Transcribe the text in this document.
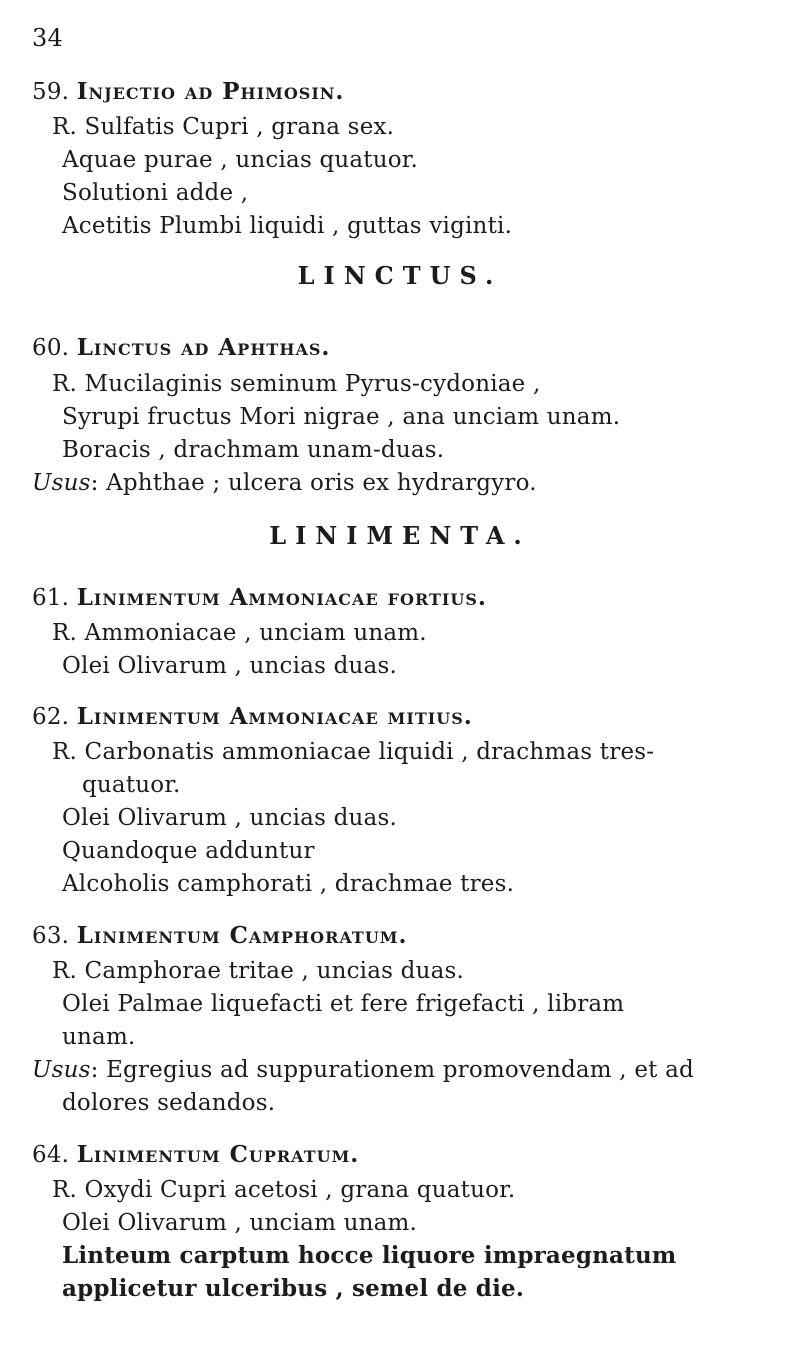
34
59. Injectio ad Phimosin.
R. Sulfatis Cupri , grana sex.
Aquae purae , uncias quatuor.
Solutioni adde ,
Acetitis Plumbi liquidi , guttas viginti.
LINCTUS.
60. Linctus ad Aphthas.
R. Mucilaginis seminum Pyrus-cydoniae ,
Syrupi fructus Mori nigrae , ana unciam unam.
Boracis , drachmam unam-duas.
Usus: Aphthae ; ulcera oris ex hydrargyro.
LINIMENTA.
61. Linimentum Ammoniacae fortius.
R. Ammoniacae , unciam unam.
Olei Olivarum , uncias duas.
62. Linimentum Ammoniacae mitius.
R. Carbonatis ammoniacae liquidi , drachmas tres-
quatuor.
Olei Olivarum , uncias duas.
Quandoque adduntur
Alcoholis camphorati , drachmae tres.
63. Linimentum Camphoratum.
R. Camphorae tritae , uncias duas.
Olei Palmae liquefacti et fere frigefacti , libram
unam.
Usus: Egregius ad suppurationem promovendam , et ad
dolores sedandos.
64. Linimentum Cupratum.
R. Oxydi Cupri acetosi , grana quatuor.
Olei Olivarum , unciam unam.
Linteum carptum hocce liquore impraegnatum
applicetur ulceribus , semel de die.
